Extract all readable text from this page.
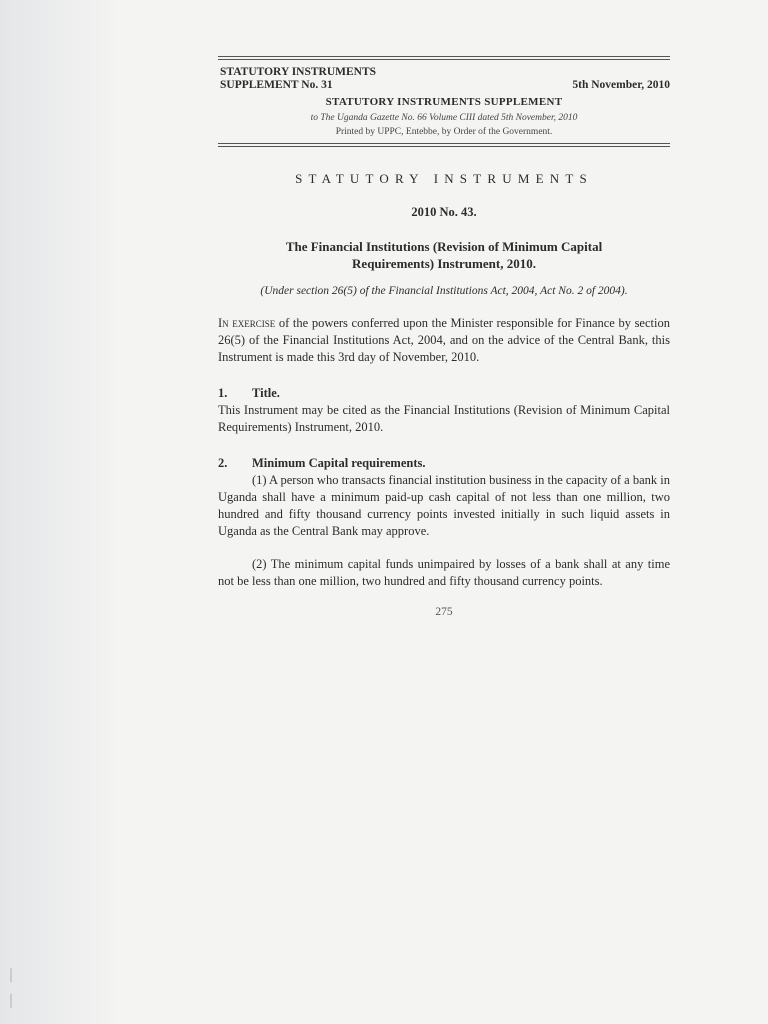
STATUTORY INSTRUMENTS
SUPPLEMENT No. 31	5th November, 2010
STATUTORY INSTRUMENTS SUPPLEMENT
to The Uganda Gazette No. 66 Volume CIII dated 5th November, 2010
Printed by UPPC, Entebbe, by Order of the Government.
STATUTORY INSTRUMENTS
2010 No. 43.
The Financial Institutions (Revision of Minimum Capital
Requirements) Instrument, 2010.
(Under section 26(5) of the Financial Institutions Act, 2004, Act No. 2 of 2004).

In exercise of the powers conferred upon the Minister responsible for Finance by section 26(5) of the Financial Institutions Act, 2004, and on the advice of the Central Bank, this Instrument is made this 3rd day of November, 2010.

1. Title.

This Instrument may be cited as the Financial Institutions (Revision of Minimum Capital Requirements) Instrument, 2010.

2. Minimum Capital requirements.

(1) A person who transacts financial institution business in the capacity of a bank in Uganda shall have a minimum paid-up cash capital of not less than one million, two hundred and fifty thousand currency points invested initially in such liquid assets in Uganda as the Central Bank may approve.

(2) The minimum capital funds unimpaired by losses of a bank shall at any time not be less than one million, two hundred and fifty thousand currency points.

275
